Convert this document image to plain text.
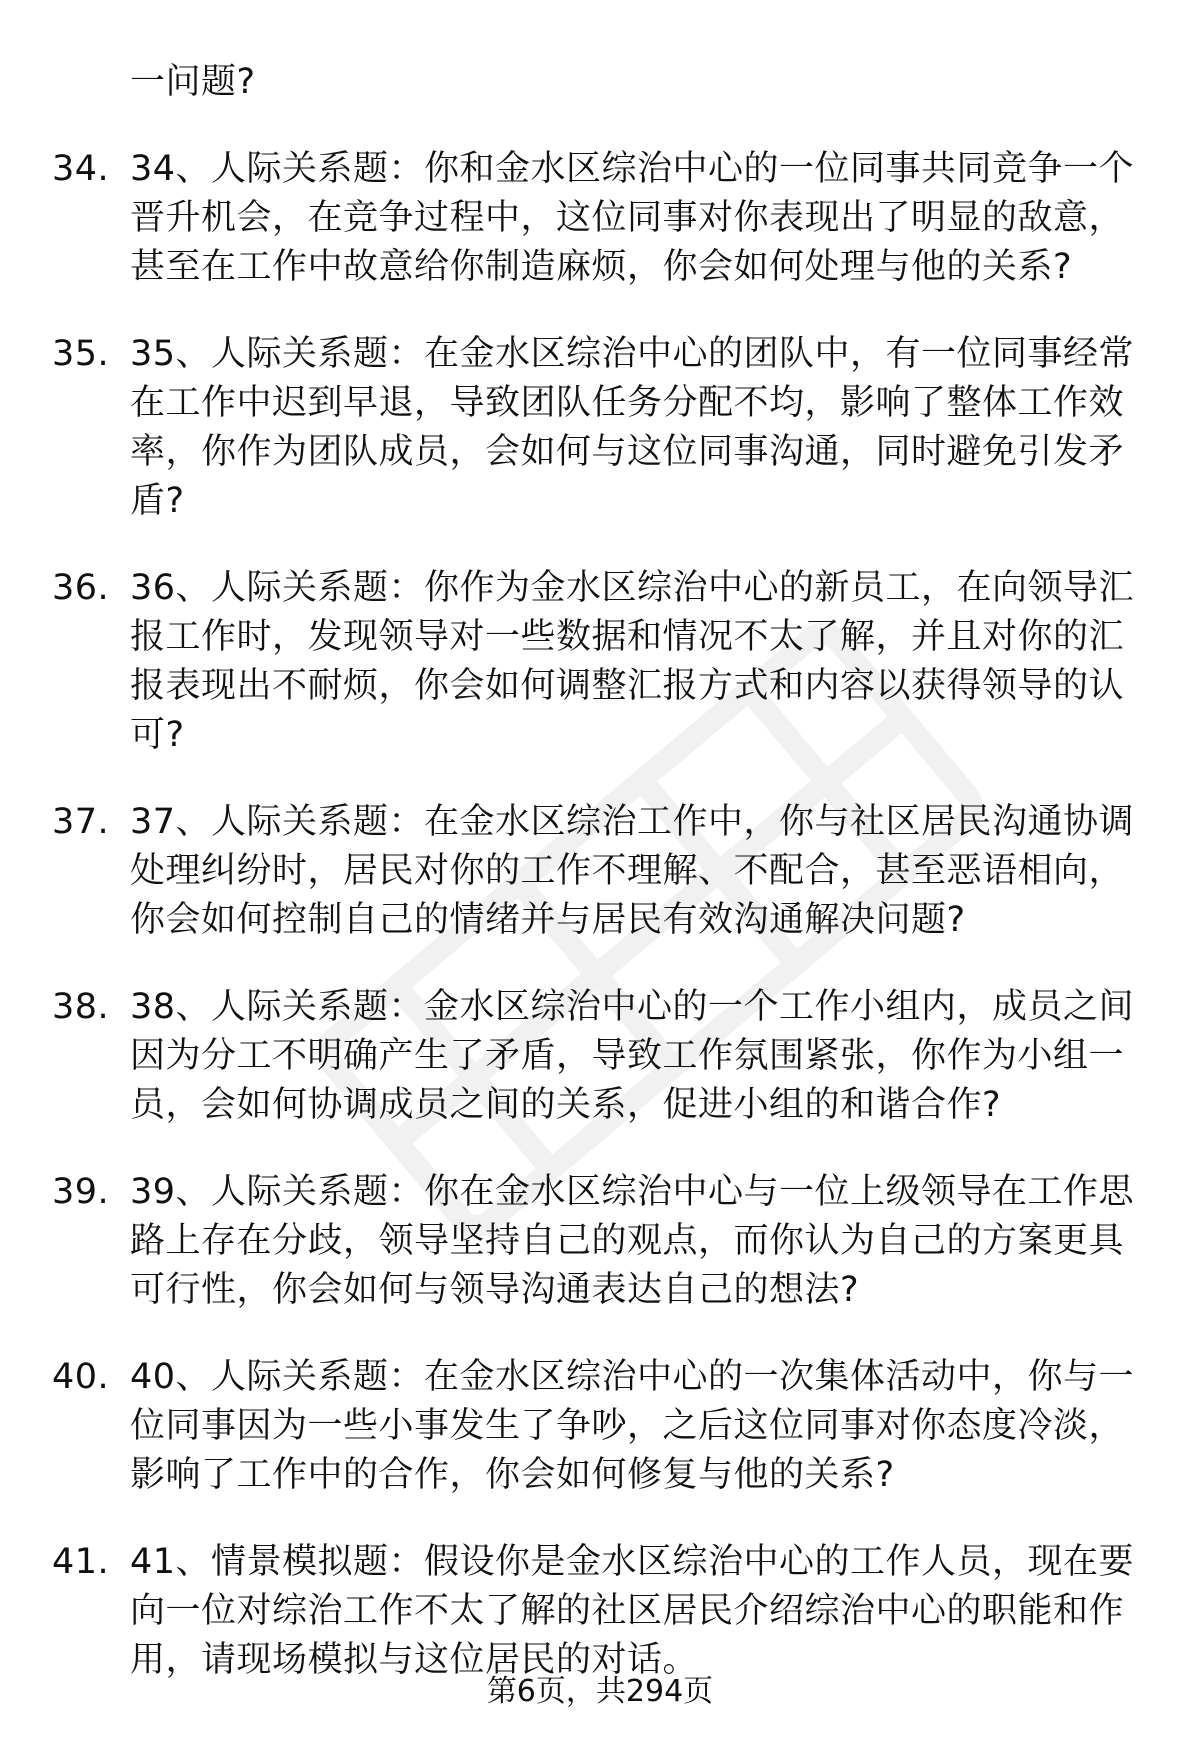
一问题?
34. 34、人际关系题：你和金水区综治中心的一位同事共同竞争一个晋升机会，在竞争过程中，这位同事对你表现出了明显的敌意，甚至在工作中故意给你制造麻烦，你会如何处理与他的关系?
35. 35、人际关系题：在金水区综治中心的团队中，有一位同事经常在工作中迟到早退，导致团队任务分配不均，影响了整体工作效率，你作为团队成员，会如何与这位同事沟通，同时避免引发矛盾?
36. 36、人际关系题：你作为金水区综治中心的新员工，在向领导汇报工作时，发现领导对一些数据和情况不太了解，并且对你的汇报表现出不耐烦，你会如何调整汇报方式和内容以获得领导的认可?
37. 37、人际关系题：在金水区综治工作中，你与社区居民沟通协调处理纠纷时，居民对你的工作不理解、不配合，甚至恶语相向，你会如何控制自己的情绪并与居民有效沟通解决问题?
38. 38、人际关系题：金水区综治中心的一个工作小组内，成员之间因为分工不明确产生了矛盾，导致工作氛围紧张，你作为小组一员，会如何协调成员之间的关系，促进小组的和谐合作?
39. 39、人际关系题：你在金水区综治中心与一位上级领导在工作思路上存在分歧，领导坚持自己的观点，而你认为自己的方案更具可行性，你会如何与领导沟通表达自己的想法?
40. 40、人际关系题：在金水区综治中心的一次集体活动中，你与一位同事因为一些小事发生了争吵，之后这位同事对你态度冷淡，影响了工作中的合作，你会如何修复与他的关系?
41. 41、情景模拟题：假设你是金水区综治中心的工作人员，现在要向一位对综治工作不太了解的社区居民介绍综治中心的职能和作用，请现场模拟与这位居民的对话。
第6页，共294页
